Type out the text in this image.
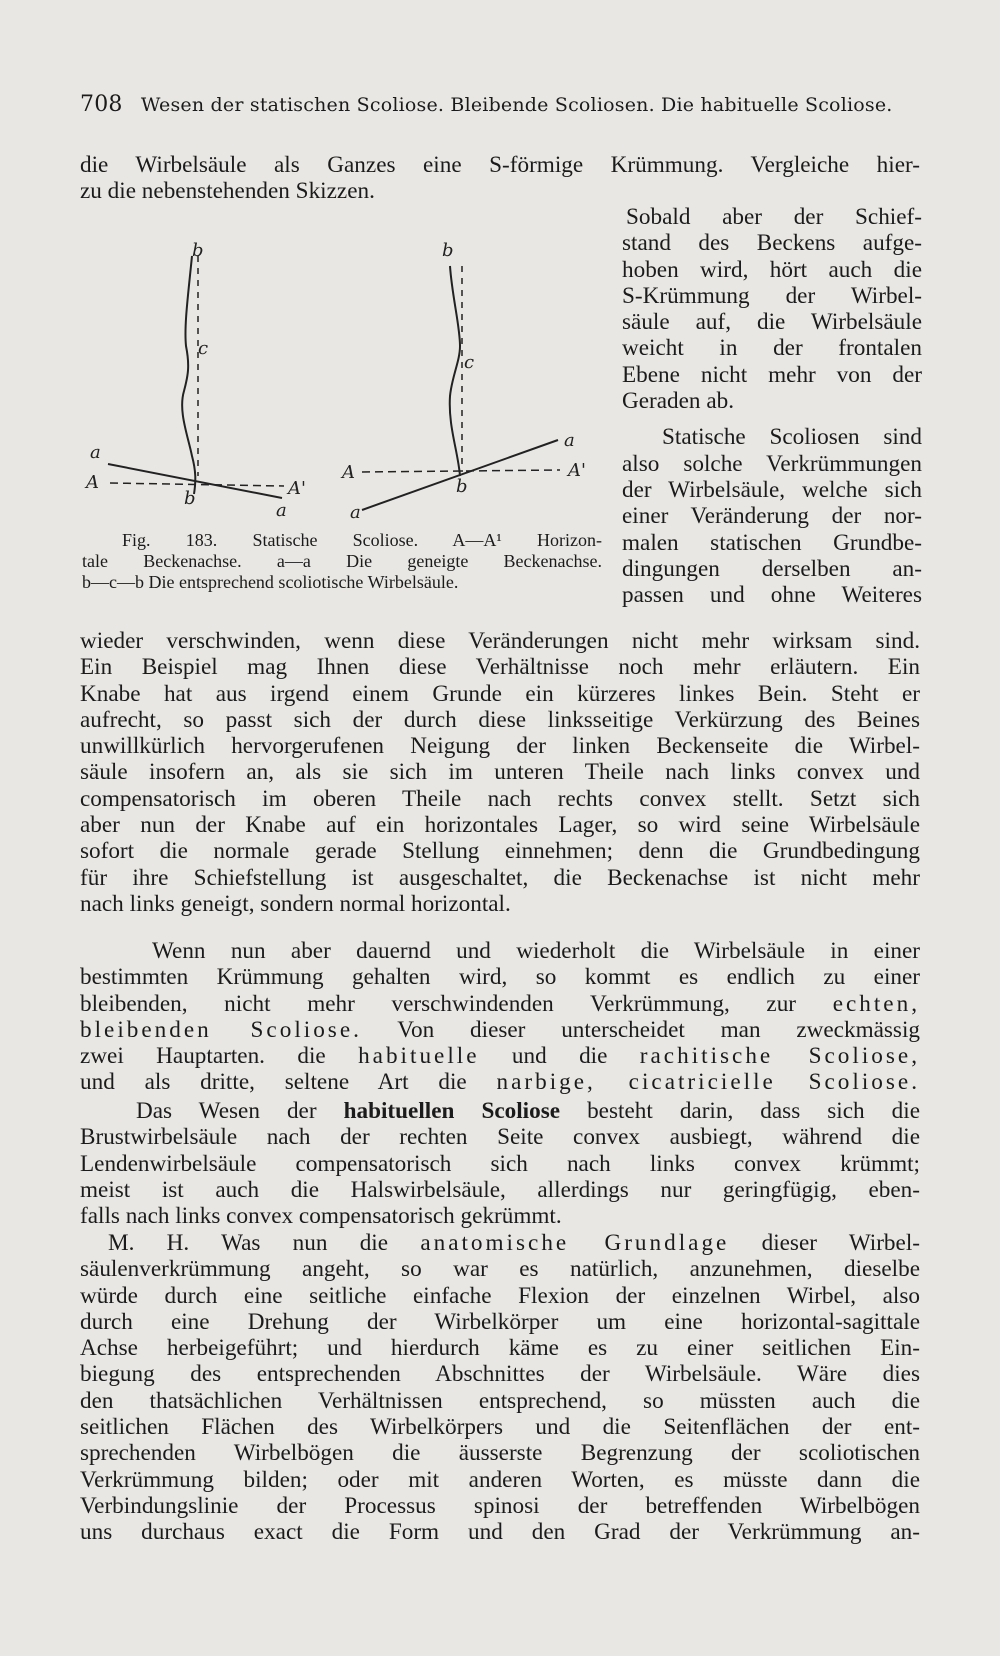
708 Wesen der statischen Scoliose. Bleibende Scoliosen. Die habituelle Scoliose.
die Wirbelsäule als Ganzes eine S-förmige Krümmung. Vergleiche hier-
zu die nebenstehenden Skizzen.
Sobald aber der Schief-
stand des Beckens aufge-
hoben wird, hört auch die
S-Krümmung der Wirbel-
säule auf, die Wirbelsäule
weicht in der frontalen
Ebene nicht mehr von der
Geraden ab.
Statische Scoliosen sind
also solche Verkrümmungen
der Wirbelsäule, welche sich
einer Veränderung der nor-
malen statischen Grundbe-
dingungen derselben an-
passen und ohne Weiteres
b
c
a
A
b	A'
a
b
c
A
b
a
A'
a
Fig. 183. Statische Scoliose. A—A¹ Horizon-
tale Beckenachse. a—a Die geneigte Beckenachse.
b—c—b Die entsprechend scoliotische Wirbelsäule.
wieder verschwinden, wenn diese Veränderungen nicht mehr wirksam sind.
Ein Beispiel mag Ihnen diese Verhältnisse noch mehr erläutern. Ein
Knabe hat aus irgend einem Grunde ein kürzeres linkes Bein. Steht er
aufrecht, so passt sich der durch diese linksseitige Verkürzung des Beines
unwillkürlich hervorgerufenen Neigung der linken Beckenseite die Wirbel-
säule insofern an, als sie sich im unteren Theile nach links convex und
compensatorisch im oberen Theile nach rechts convex stellt. Setzt sich
aber nun der Knabe auf ein horizontales Lager, so wird seine Wirbelsäule
sofort die normale gerade Stellung einnehmen; denn die Grundbedingung
für ihre Schiefstellung ist ausgeschaltet, die Beckenachse ist nicht mehr
nach links geneigt, sondern normal horizontal.
Wenn nun aber dauernd und wiederholt die Wirbelsäule in einer
bestimmten Krümmung gehalten wird, so kommt es endlich zu einer
bleibenden, nicht mehr verschwindenden Verkrümmung, zur echten,
bleibenden Scoliose. Von dieser unterscheidet man zweckmässig
zwei Hauptarten. die habituelle und die rachitische Scoliose,
und als dritte, seltene Art die narbige, cicatricielle Scoliose.
Das Wesen der habituellen Scoliose besteht darin, dass sich die
Brustwirbelsäule nach der rechten Seite convex ausbiegt, während die
Lendenwirbelsäule compensatorisch sich nach links convex krümmt;
meist ist auch die Halswirbelsäule, allerdings nur geringfügig, eben-
falls nach links convex compensatorisch gekrümmt.
M. H. Was nun die anatomische Grundlage dieser Wirbel-
säulenverkrümmung angeht, so war es natürlich, anzunehmen, dieselbe
würde durch eine seitliche einfache Flexion der einzelnen Wirbel, also
durch eine Drehung der Wirbelkörper um eine horizontal-sagittale
Achse herbeigeführt; und hierdurch käme es zu einer seitlichen Ein-
biegung des entsprechenden Abschnittes der Wirbelsäule. Wäre dies
den thatsächlichen Verhältnissen entsprechend, so müssten auch die
seitlichen Flächen des Wirbelkörpers und die Seitenflächen der ent-
sprechenden Wirbelbögen die äusserste Begrenzung der scoliotischen
Verkrümmung bilden; oder mit anderen Worten, es müsste dann die
Verbindungslinie der Processus spinosi der betreffenden Wirbelbögen
uns durchaus exact die Form und den Grad der Verkrümmung an-
